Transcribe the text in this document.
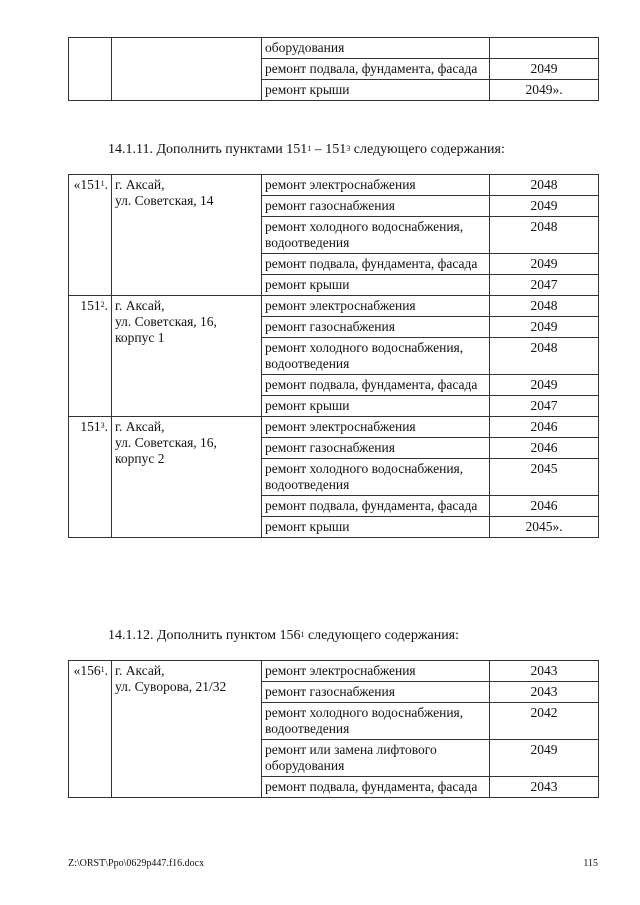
		оборудования	
		ремонт подвала, фундамента, фасада	2049
		ремонт крыши	2049».

14.1.11. Дополнить пунктами $151^1 - 151^3$ следующего содержания:

«$151^1$.	г. Аксай,
ул. Советская, 14	ремонт электроснабжения	2048
		ремонт газоснабжения	2049
		ремонт холодного водоснабжения, водоотведения	2048
		ремонт подвала, фундамента, фасада	2049
		ремонт крыши	2047
$151^2$.	г. Аксай,
ул. Советская, 16,
корпус 1	ремонт электроснабжения	2048
		ремонт газоснабжения	2049
		ремонт холодного водоснабжения, водоотведения	2048
		ремонт подвала, фундамента, фасада	2049
		ремонт крыши	2047
$151^3$.	г. Аксай,
ул. Советская, 16,
корпус 2	ремонт электроснабжения	2046
		ремонт газоснабжения	2046
		ремонт холодного водоснабжения, водоотведения	2045
		ремонт подвала, фундамента, фасада	2046
		ремонт крыши	2045».

14.1.12. Дополнить пунктом $156^1$ следующего содержания:

«$156^1$.	г. Аксай,
ул. Суворова, 21/32	ремонт электроснабжения	2043
		ремонт газоснабжения	2043
		ремонт холодного водоснабжения, водоотведения	2042
		ремонт или замена лифтового оборудования	2049
		ремонт подвала, фундамента, фасада	2043
Z:\ORST\Ppo\0629p447.f16.docx	115
